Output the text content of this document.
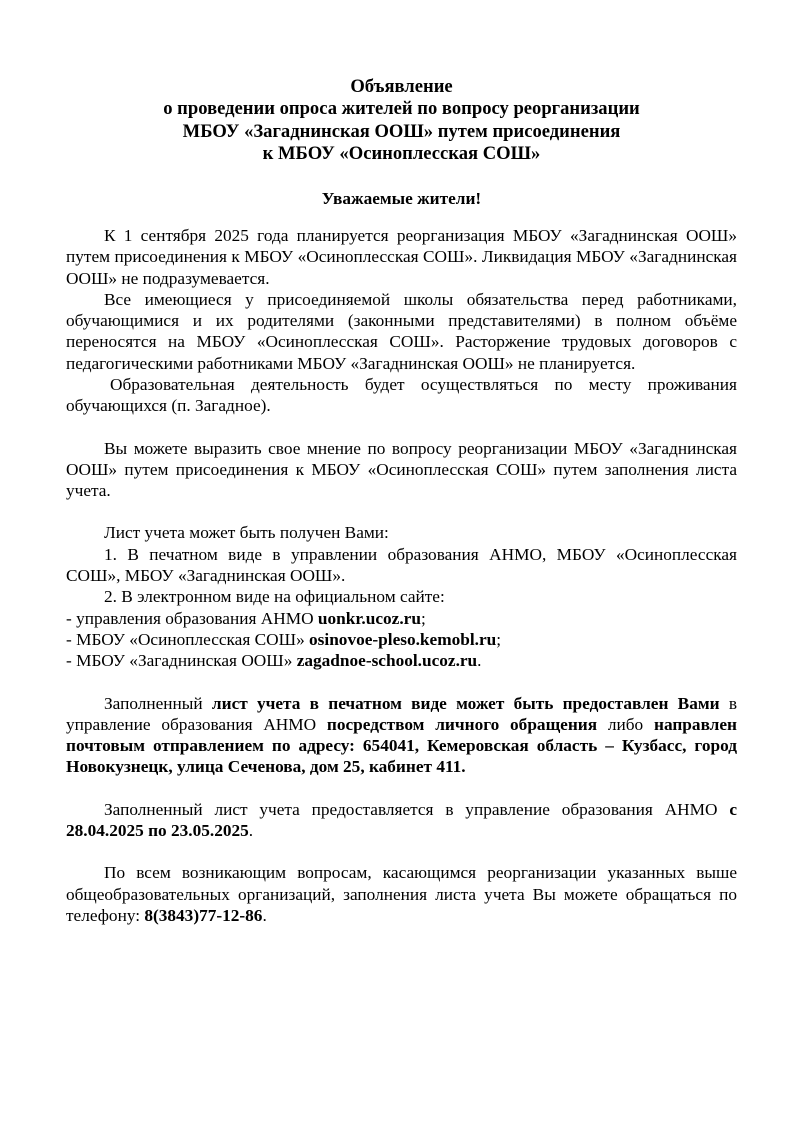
Объявление
о проведении опроса жителей по вопросу реорганизации
МБОУ «Загаднинская ООШ» путем присоединения
к МБОУ «Осиноплесская СОШ»
Уважаемые жители!

К 1 сентября 2025 года планируется реорганизация МБОУ «Загаднинская ООШ» путем присоединения к МБОУ «Осиноплесская СОШ». Ликвидация МБОУ «Загаднинская ООШ» не подразумевается.

Все имеющиеся у присоединяемой школы обязательства перед работниками, обучающимися и их родителями (законными представителями) в полном объёме переносятся на МБОУ «Осиноплесская СОШ». Расторжение трудовых договоров с педагогическими работниками МБОУ «Загаднинская ООШ» не планируется.

Образовательная деятельность будет осуществляться по месту проживания обучающихся (п. Загадное).

Вы можете выразить свое мнение по вопросу реорганизации МБОУ «Загаднинская ООШ» путем присоединения к МБОУ «Осиноплесская СОШ» путем заполнения листа учета.

Лист учета может быть получен Вами:

1. В печатном виде в управлении образования АНМО, МБОУ «Осиноплесская СОШ», МБОУ «Загаднинская ООШ».

2. В электронном виде на официальном сайте:

- управления образования АНМО uonkr.ucoz.ru;
- МБОУ «Осиноплесская СОШ» osinovoe-pleso.kemobl.ru;
- МБОУ «Загаднинская ООШ» zagadnoe-school.ucoz.ru.

Заполненный лист учета в печатном виде может быть предоставлен Вами в управление образования АНМО посредством личного обращения либо направлен почтовым отправлением по адресу: 654041, Кемеровская область – Кузбасс, город Новокузнецк, улица Сеченова, дом 25, кабинет 411.

Заполненный лист учета предоставляется в управление образования АНМО с 28.04.2025 по 23.05.2025.

По всем возникающим вопросам, касающимся реорганизации указанных выше общеобразовательных организаций, заполнения листа учета Вы можете обращаться по телефону: 8(3843)77-12-86.
